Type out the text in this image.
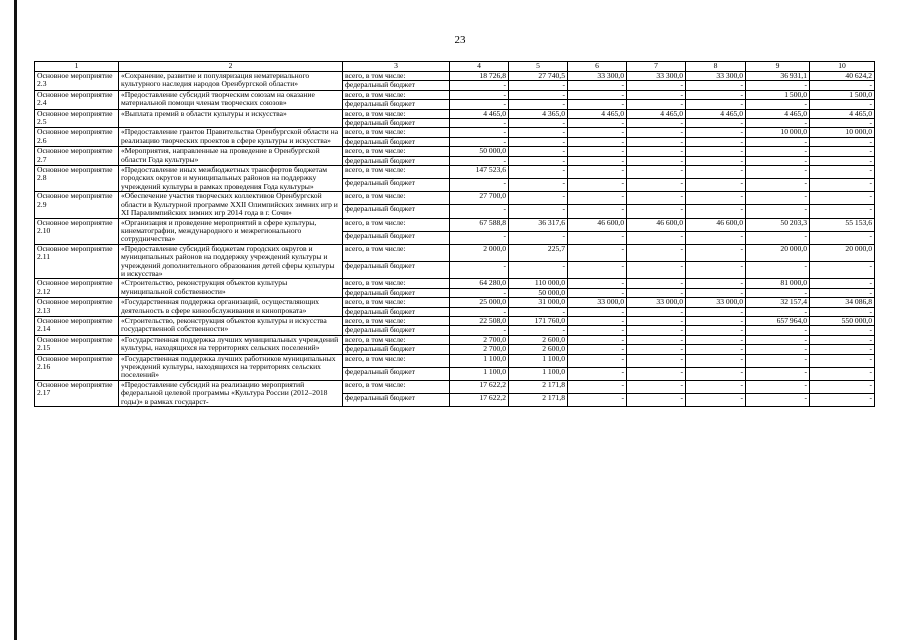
23
1	2	3	4	5	6	7	8	9	10
Основное мероприятие 2.3	«Сохранение, развитие и популяризация нематериального культурного наследия народов Оренбургской области»	всего, в том числе:	18 726,8	27 740,5	33 300,0	33 300,0	33 300,0	36 931,1	40 624,2
		федеральный бюджет	-	-	-	-	-	-	-
Основное мероприятие 2.4	«Предоставление субсидий творческим союзам на оказание материальной помощи членам творческих союзов»	всего, в том числе:	-	-	-	-	-	1 500,0	1 500,0
		федеральный бюджет	-	-	-	-	-	-	-
Основное мероприятие 2.5	«Выплата премий в области культуры и искусства»	всего, в том числе:	4 465,0	4 365,0	4 465,0	4 465,0	4 465,0	4 465,0	4 465,0
		федеральный бюджет	-	-	-	-	-	-	-
Основное мероприятие 2.6	«Предоставление грантов Правительства Оренбургской области на реализацию творческих проектов в сфере культуры и искусства»	всего, в том числе:	-	-	-	-	-	10 000,0	10 000,0
		федеральный бюджет	-	-	-	-	-	-	-
Основное мероприятие 2.7	«Мероприятия, направленные на проведение в Оренбургской области Года культуры»	всего, в том числе:	50 000,0	-	-	-	-	-	-
		федеральный бюджет	-	-	-	-	-	-	-
Основное мероприятие 2.8	«Предоставление иных межбюджетных трансфертов бюджетам городских округов и муниципальных районов на поддержку учреждений культуры в рамках проведения Года культуры»	всего, в том числе:	147 523,6	-	-	-	-	-	-
		федеральный бюджет	-	-	-	-	-	-	-
Основное мероприятие 2.9	«Обеспечение участия творческих коллективов Оренбургской области в Культурной программе XXII Олимпийских зимних игр и XI Паралимпийских зимних игр 2014 года в г. Сочи»	всего, в том числе:	27 700,0	-	-	-	-	-	-
		федеральный бюджет	-	-	-	-	-	-	-
Основное мероприятие 2.10	«Организация и проведение мероприятий в сфере культуры, кинематографии, международного и межрегионального сотрудничества»	всего, в том числе:	67 588,8	36 317,6	46 600,0	46 600,0	46 600,0	50 203,3	55 153,6
		федеральный бюджет	-	-	-	-	-	-	-
Основное мероприятие 2.11	«Предоставление субсидий бюджетам городских округов и муниципальных районов на поддержку учреждений культуры и учреждений дополнительного образования детей сферы культуры и искусства»	всего, в том числе:	2 000,0	225,7	-	-	-	20 000,0	20 000,0
		федеральный бюджет	-	-	-	-	-	-	-
Основное мероприятие 2.12	«Строительство, реконструкция объектов культуры муниципальной собственности»	всего, в том числе:	64 280,0	110 000,0	-	-	-	81 000,0	-
		федеральный бюджет	-	50 000,0	-	-	-	-	-
Основное мероприятие 2.13	«Государственная поддержка организаций, осуществляющих деятельность в сфере кинообслуживания и кинопроката»	всего, в том числе:	25 000,0	31 000,0	33 000,0	33 000,0	33 000,0	32 157,4	34 086,8
		федеральный бюджет	-	-	-	-	-	-	-
Основное мероприятие 2.14	«Строительство, реконструкция объектов культуры и искусства государственной собственности»	всего, в том числе:	22 508,0	171 760,0	-	-	-	657 964,0	550 000,0
		федеральный бюджет	-	-	-	-	-	-	-
Основное мероприятие 2.15	«Государственная поддержка лучших муниципальных учреждений культуры, находящихся на территориях сельских поселений»	всего, в том числе:	2 700,0	2 600,0	-	-	-	-	-
		федеральный бюджет	2 700,0	2 600,0	-	-	-	-	-
Основное мероприятие 2.16	«Государственная поддержка лучших работников муниципальных учреждений культуры, находящихся на территориях сельских поселений»	всего, в том числе:	1 100,0	1 100,0	-	-	-	-	-
		федеральный бюджет	1 100,0	1 100,0	-	-	-	-	-
Основное мероприятие 2.17	«Предоставление субсидий на реализацию мероприятий федеральной целевой программы «Культура России (2012–2018 годы)» в рамках государст-	всего, в том числе:	17 622,2	2 171,8	-	-	-	-	-
		федеральный бюджет	17 622,2	2 171,8	-	-	-	-	-
